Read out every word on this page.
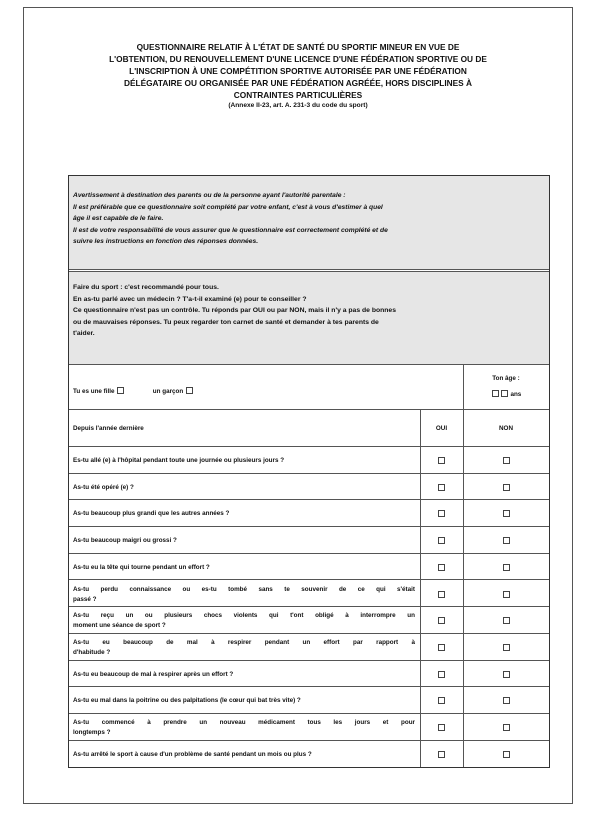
QUESTIONNAIRE RELATIF À L'ÉTAT DE SANTÉ DU SPORTIF MINEUR EN VUE DE
L'OBTENTION, DU RENOUVELLEMENT D'UNE LICENCE D'UNE FÉDÉRATION SPORTIVE OU DE
L'INSCRIPTION À UNE COMPÉTITION SPORTIVE AUTORISÉE PAR UNE FÉDÉRATION
DÉLÉGATAIRE OU ORGANISÉE PAR UNE FÉDÉRATION AGRÉÉE, HORS DISCIPLINES À
CONTRAINTES PARTICULIÈRES
(Annexe II-23, art. A. 231-3 du code du sport)
Avertissement à destination des parents ou de la personne ayant l'autorité parentale :
Il est préférable que ce questionnaire soit complété par votre enfant, c'est à vous d'estimer à quel
âge il est capable de le faire.
Il est de votre responsabilité de vous assurer que le questionnaire est correctement complété et de
suivre les instructions en fonction des réponses données.
Faire du sport : c'est recommandé pour tous.
En as-tu parlé avec un médecin ? T'a-t-il examiné (e) pour te conseiller ?
Ce questionnaire n'est pas un contrôle. Tu réponds par OUI ou par NON, mais il n'y a pas de bonnes
ou de mauvaises réponses. Tu peux regarder ton carnet de santé et demander à tes parents de
t'aider.
Tu es une fille	un garçon
Ton âge :
ans
Depuis l'année dernière	OUI	NON
Es-tu allé (e) à l'hôpital pendant toute une journée ou plusieurs jours ?
As-tu été opéré (e) ?
As-tu beaucoup plus grandi que les autres années ?
As-tu beaucoup maigri ou grossi ?
As-tu eu la tête qui tourne pendant un effort ?
As-tu perdu connaissance ou es-tu tombé sans te souvenir de ce qui s'était
passé ?
As-tu reçu un ou plusieurs chocs violents qui t'ont obligé à interrompre un
moment une séance de sport ?
As-tu eu beaucoup de mal à respirer pendant un effort par rapport à
d'habitude ?
As-tu eu beaucoup de mal à respirer après un effort ?
As-tu eu mal dans la poitrine ou des palpitations (le cœur qui bat très vite) ?
As-tu commencé à prendre un nouveau médicament tous les jours et pour
longtemps ?
As-tu arrêté le sport à cause d'un problème de santé pendant un mois ou plus ?
